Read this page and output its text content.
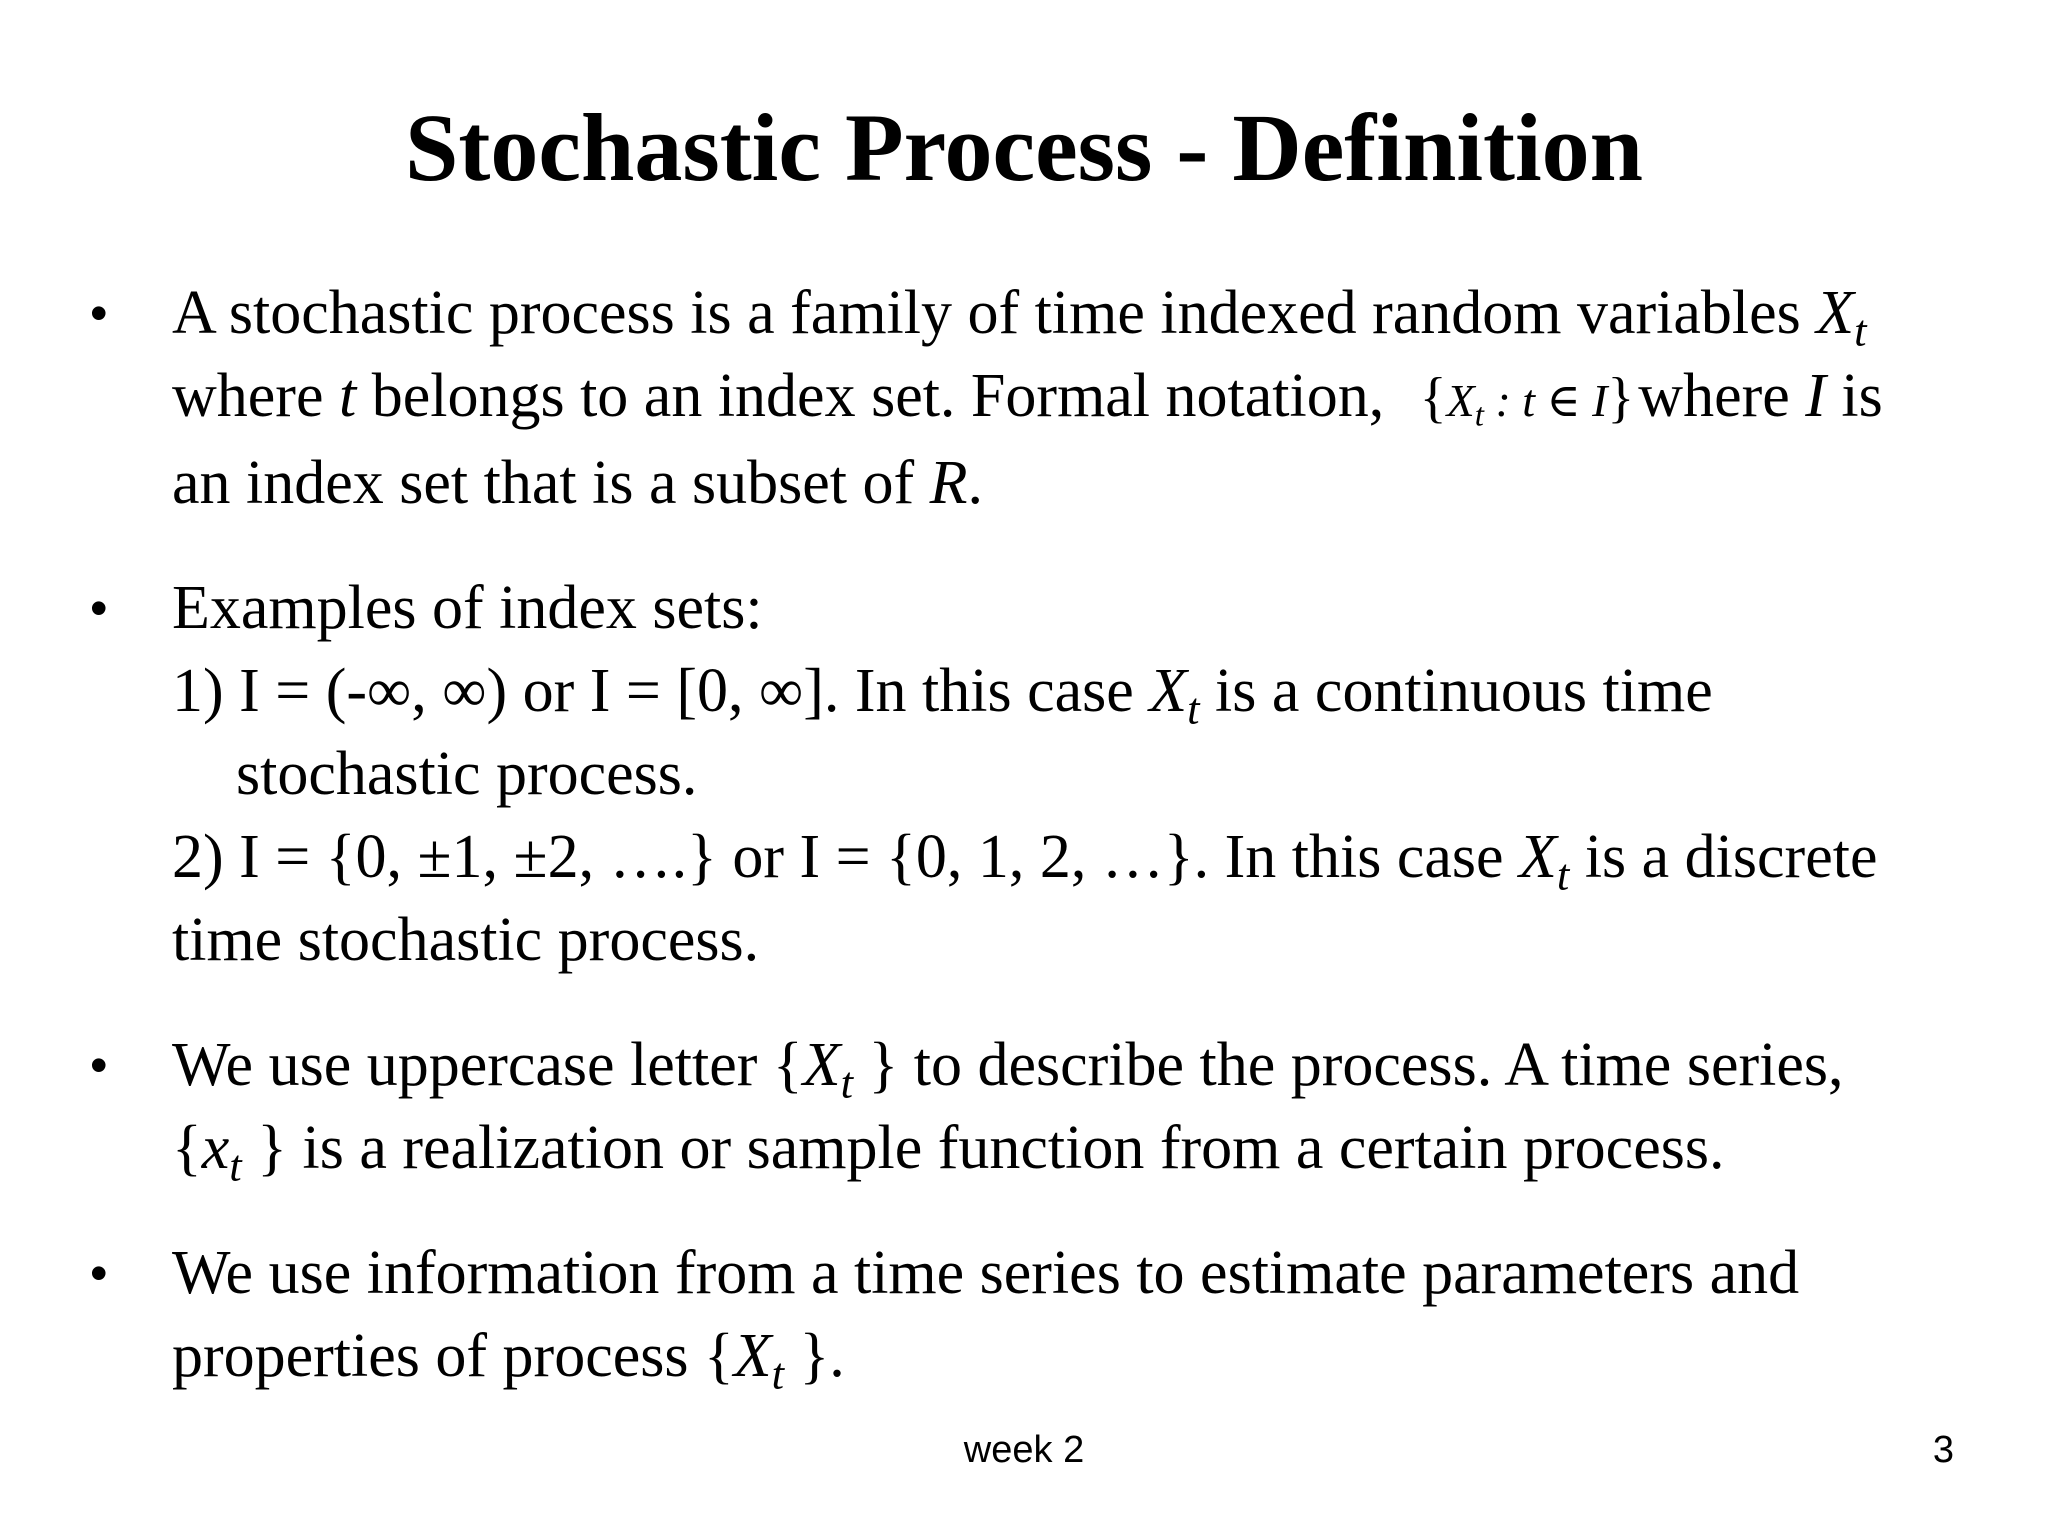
Stochastic Process - Definition
• A stochastic process is a family of time indexed random variables $X_t$
where t belongs to an index set. Formal notation, {$X_t$ : t ∈ I}where I is
an index set that is a subset of R.
• Examples of index sets:
1) I = (-∞, ∞) or I = [0, ∞]. In this case $X_t$ is a continuous time
stochastic process.
2) I = {0, ±1, ±2, ….} or I = {0, 1, 2, …}. In this case $X_t$ is a discrete
time stochastic process.
• We use uppercase letter {$X_t$ } to describe the process. A time series,
{$x_t$ } is a realization or sample function from a certain process.
• We use information from a time series to estimate parameters and
properties of process {$X_t$ }.
week 2	3
